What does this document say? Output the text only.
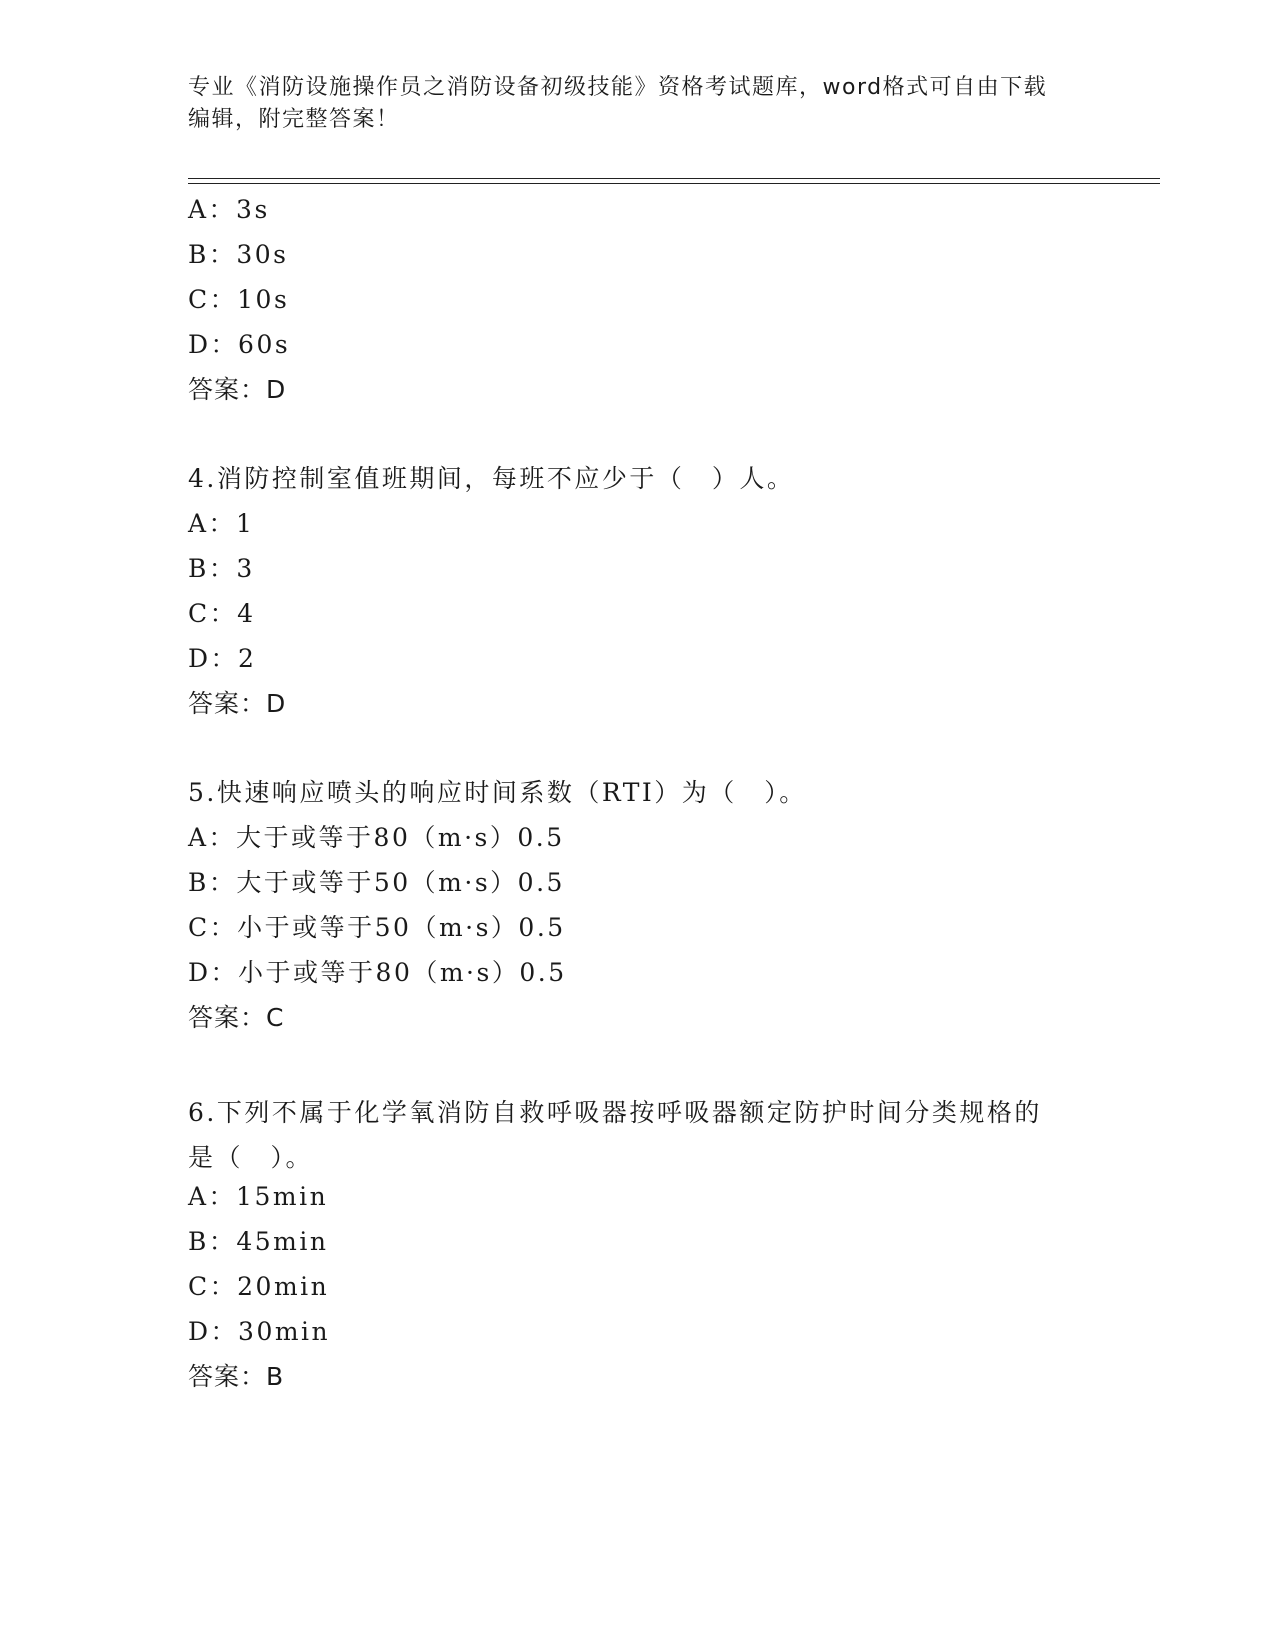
专业《消防设施操作员之消防设备初级技能》资格考试题库，word格式可自由下载编辑，附完整答案！
A：3s
B：30s
C：10s
D：60s
答案：D
4.消防控制室值班期间，每班不应少于（　）人。
A：1
B：3
C：4
D：2
答案：D
5.快速响应喷头的响应时间系数（RTI）为（　）。
A：大于或等于80（m·s）0.5
B：大于或等于50（m·s）0.5
C：小于或等于50（m·s）0.5
D：小于或等于80（m·s）0.5
答案：C
6.下列不属于化学氧消防自救呼吸器按呼吸器额定防护时间分类规格的是（　）。
A：15min
B：45min
C：20min
D：30min
答案：B
